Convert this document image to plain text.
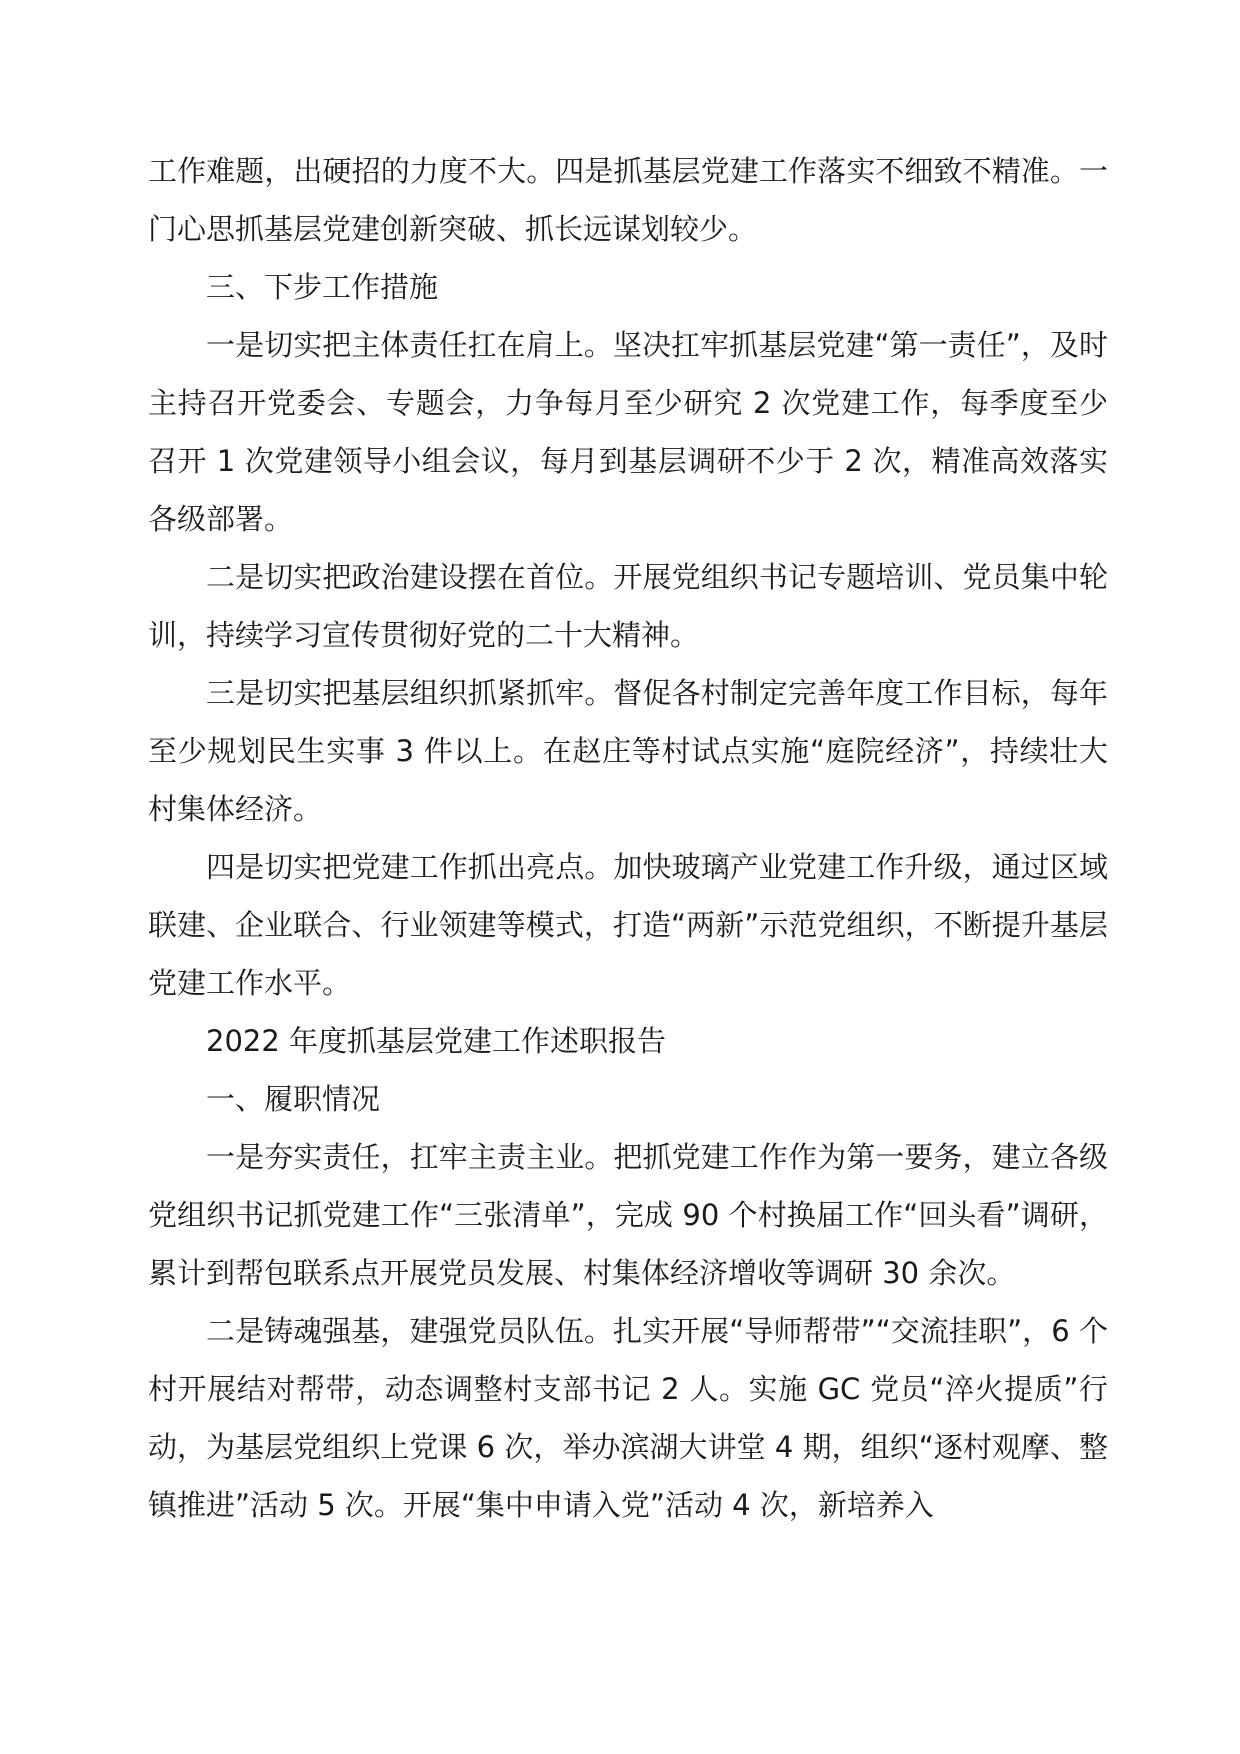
工作难题，出硬招的力度不大。四是抓基层党建工作落实不细致不精准。一门心思抓基层党建创新突破、抓长远谋划较少。

三、下步工作措施

一是切实把主体责任扛在肩上。坚决扛牢抓基层党建“第一责任”，及时主持召开党委会、专题会，力争每月至少研究 2 次党建工作，每季度至少召开 1 次党建领导小组会议，每月到基层调研不少于 2 次，精准高效落实各级部署。

二是切实把政治建设摆在首位。开展党组织书记专题培训、党员集中轮训，持续学习宣传贯彻好党的二十大精神。

三是切实把基层组织抓紧抓牢。督促各村制定完善年度工作目标，每年至少规划民生实事 3 件以上。在赵庄等村试点实施“庭院经济”，持续壮大村集体经济。

四是切实把党建工作抓出亮点。加快玻璃产业党建工作升级，通过区域联建、企业联合、行业领建等模式，打造“两新”示范党组织，不断提升基层党建工作水平。

2022 年度抓基层党建工作述职报告

一、履职情况

一是夯实责任，扛牢主责主业。把抓党建工作作为第一要务，建立各级党组织书记抓党建工作“三张清单”，完成 90 个村换届工作“回头看”调研，累计到帮包联系点开展党员发展、村集体经济增收等调研 30 余次。

二是铸魂强基，建强党员队伍。扎实开展“导师帮带”“交流挂职”，6 个村开展结对帮带，动态调整村支部书记 2 人。实施 GC 党员“淬火提质”行动，为基层党组织上党课 6 次，举办滨湖大讲堂 4 期，组织“逐村观摩、整镇推进”活动 5 次。开展“集中申请入党”活动 4 次，新培养入
